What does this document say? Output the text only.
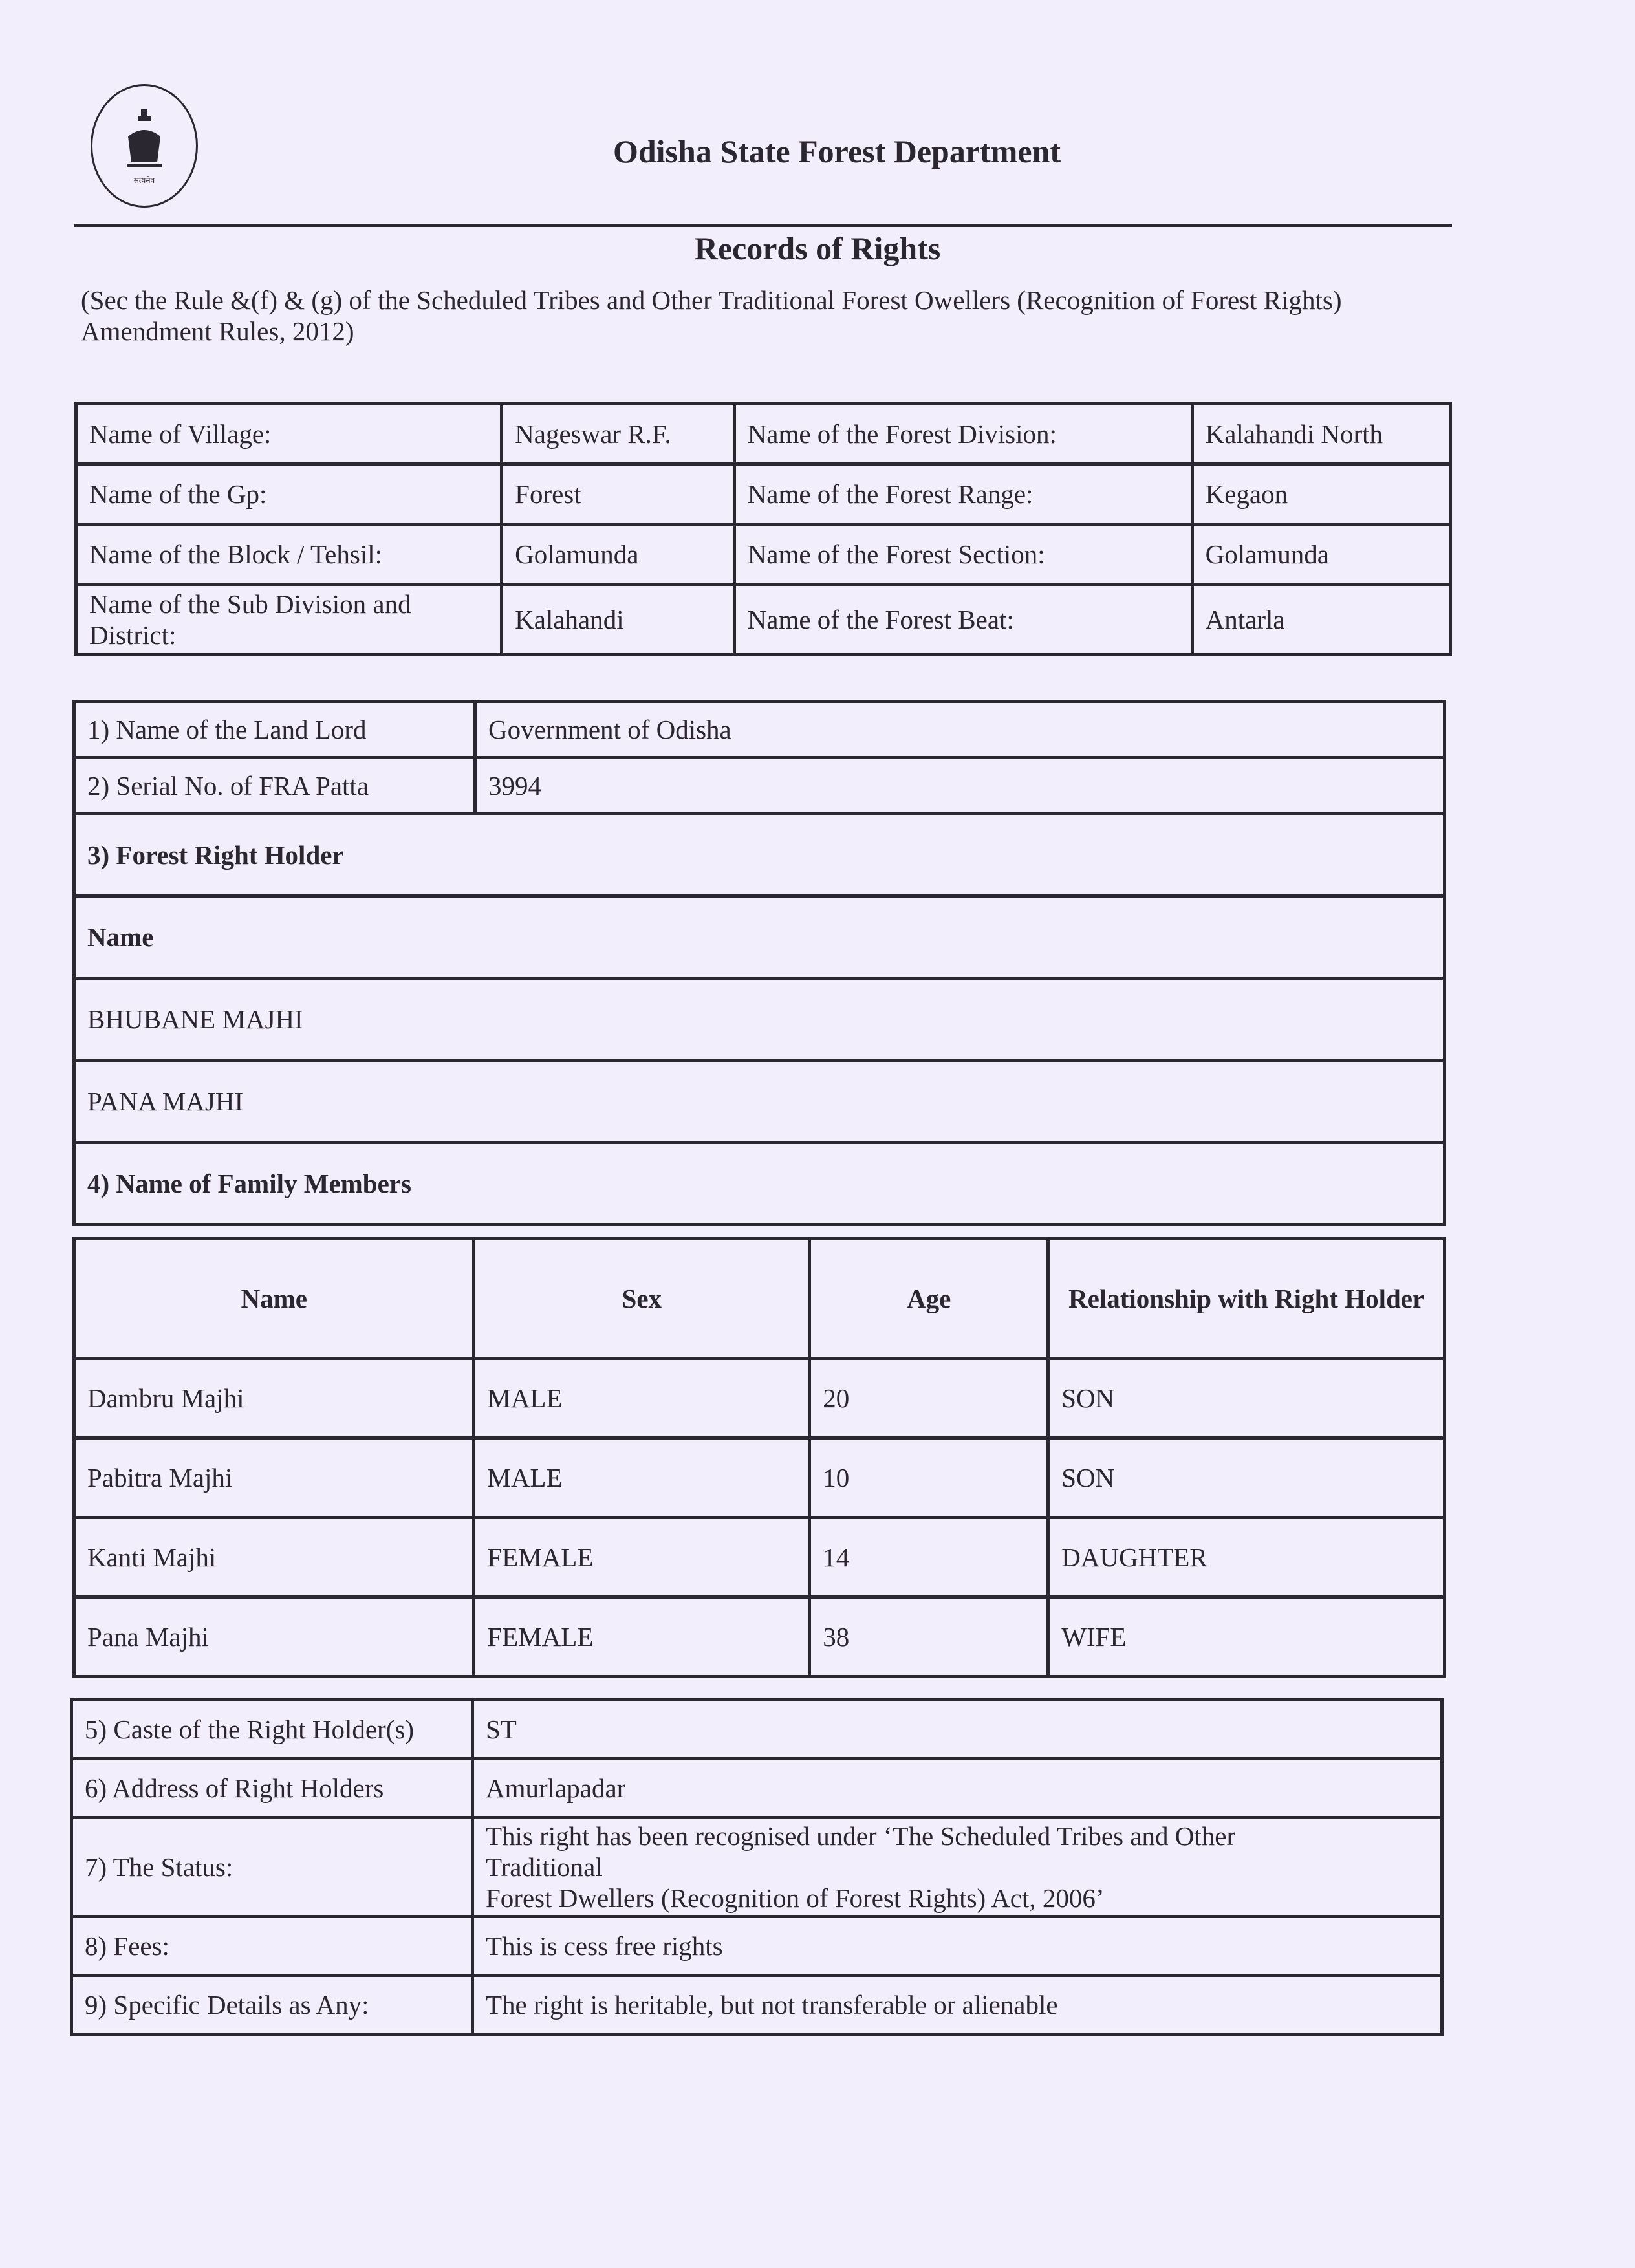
सत्यमेव
Odisha State Forest Department
Records of Rights
(Sec the Rule &(f) & (g) of the Scheduled Tribes and Other Traditional Forest Owellers (Recognition of Forest Rights) Amendment Rules, 2012)
Name of Village:	Nageswar R.F.	Name of the Forest Division:	Kalahandi North
Name of the Gp:	Forest	Name of the Forest Range:	Kegaon
Name of the Block / Tehsil:	Golamunda	Name of the Forest Section:	Golamunda
Name of the Sub Division and District:	Kalahandi	Name of the Forest Beat:	Antarla
1) Name of the Land Lord	Government of Odisha
2) Serial No. of FRA Patta	3994
3) Forest Right Holder	
Name	
BHUBANE MAJHI	
PANA MAJHI	
4) Name of Family Members	
Name	Sex	Age	Relationship with Right Holder
Dambru Majhi	MALE	20	SON
Pabitra Majhi	MALE	10	SON
Kanti Majhi	FEMALE	14	DAUGHTER
Pana Majhi	FEMALE	38	WIFE
5) Caste of the Right Holder(s)	ST
6) Address of Right Holders	Amurlapadar
7) The Status:	This right has been recognised under ‘The Scheduled Tribes and Other
Traditional
Forest Dwellers (Recognition of Forest Rights) Act, 2006’

8) Fees:	This is cess free rights
9) Specific Details as Any:	The right is heritable, but not transferable or alienable
